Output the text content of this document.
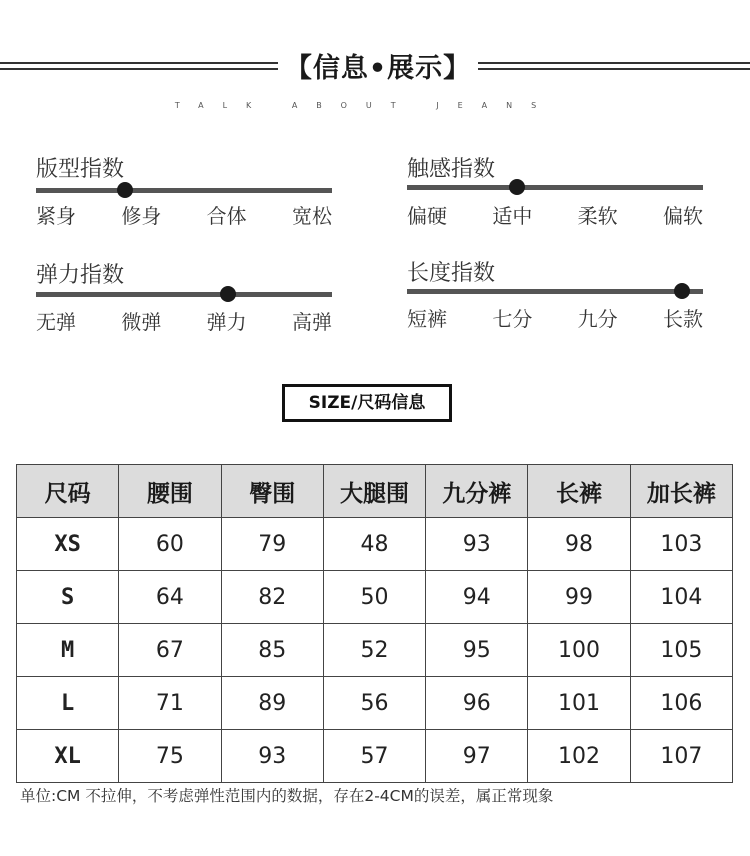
【信息•展示】
TALK ABOUT JEANS
版型指数
紧身 修身 合体 宽松
触感指数
偏硬 适中 柔软 偏软
弹力指数
无弹 微弹 弹力 高弹
长度指数
短裤 七分 九分 长款
SIZE/尺码信息
尺码	腰围	臀围	大腿围	九分裤	长裤	加长裤
XS	60	79	48	93	98	103
S	64	82	50	94	99	104
M	67	85	52	95	100	105
L	71	89	56	96	101	106
XL	75	93	57	97	102	107
单位:CM 不拉伸，不考虑弹性范围内的数据，存在2-4CM的误差，属正常现象
